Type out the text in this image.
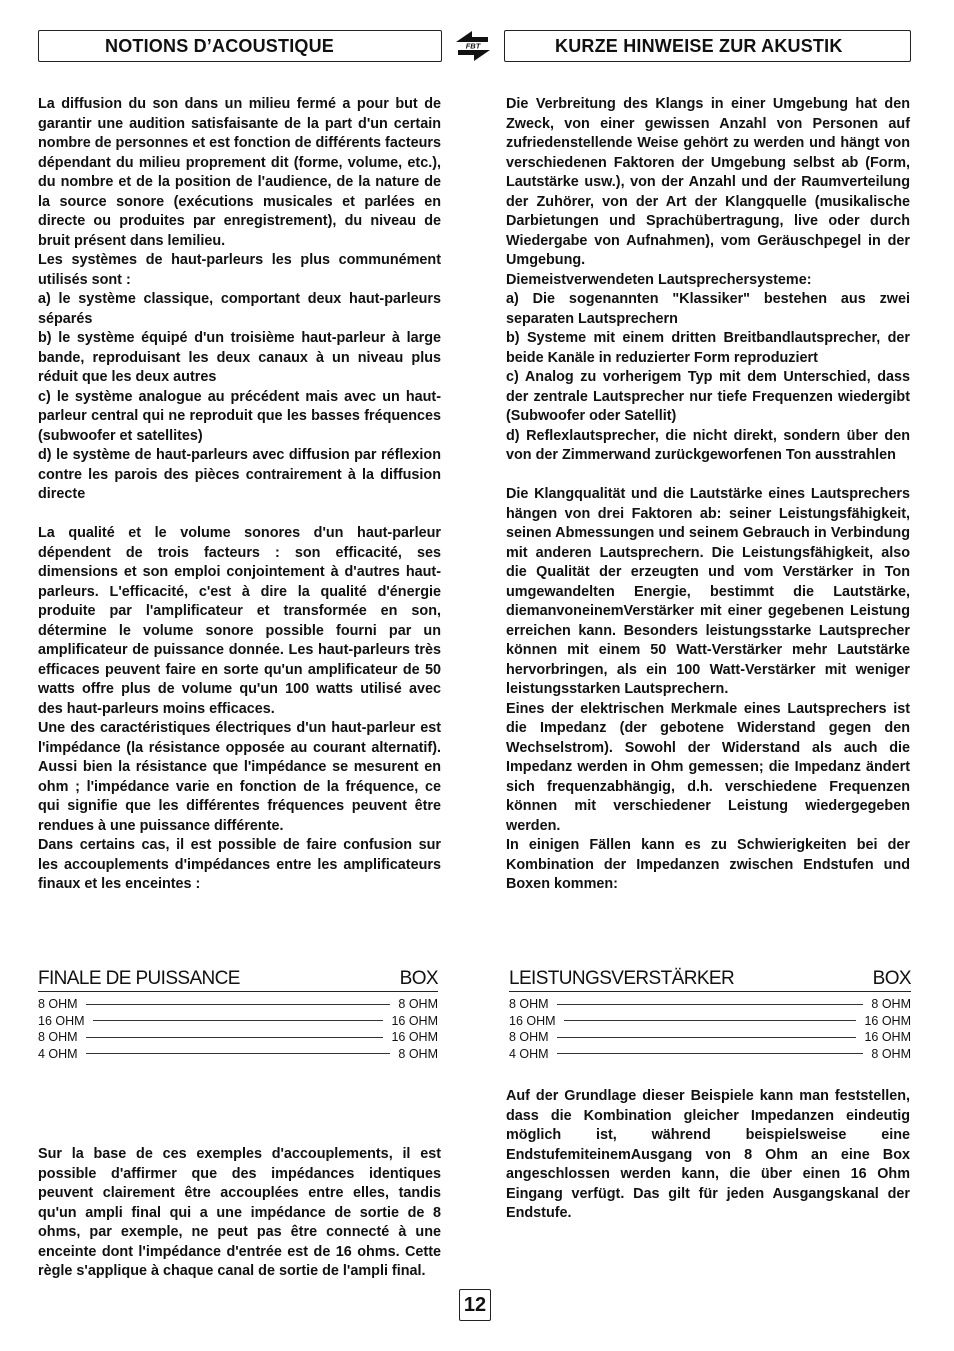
NOTIONS D’ACOUSTIQUE	FBT	KURZE HINWEISE ZUR AKUSTIK

La diffusion du son dans un milieu fermé a pour but de garantir une audition satisfaisante de la part d'un certain nombre de personnes et est fonction de différents facteurs dépendant du milieu proprement dit (forme, volume, etc.), du nombre et de la position de l'audience, de la nature de la source sonore (exécutions musicales et parlées en directe ou produites par enregistrement), du niveau de bruit présent dans lemilieu.

Les systèmes de haut-parleurs les plus communément utilisés sont :

a) le système classique, comportant deux haut-parleurs séparés

b) le système équipé d'un troisième haut-parleur à large bande, reproduisant les deux canaux à un niveau plus réduit que les deux autres

c) le système analogue au précédent mais avec un haut-parleur central qui ne reproduit que les basses fréquences (subwoofer et satellites)

d) le système de haut-parleurs avec diffusion par réflexion contre les parois des pièces contrairement à la diffusion directe

La qualité et le volume sonores d'un haut-parleur dépendent de trois facteurs : son efficacité, ses dimensions et son emploi conjointement à d'autres haut-parleurs. L'efficacité, c'est à dire la qualité d'énergie produite par l'amplificateur et transformée en son, détermine le volume sonore possible fourni par un amplificateur de puissance donnée. Les haut-parleurs très efficaces peuvent faire en sorte qu'un amplificateur de 50 watts offre plus de volume qu'un 100 watts utilisé avec des haut-parleurs moins efficaces.

Une des caractéristiques électriques d'un haut-parleur est l'impédance (la résistance opposée au courant alternatif). Aussi bien la résistance que l'impédance se mesurent en ohm ; l'impédance varie en fonction de la fréquence, ce qui signifie que les différentes fréquences peuvent être rendues à une puissance différente.

Dans certains cas, il est possible de faire confusion sur les accouplements d'impédances entre les amplificateurs finaux et les enceintes :

Die Verbreitung des Klangs in einer Umgebung hat den Zweck, von einer gewissen Anzahl von Personen auf zufriedenstellende Weise gehört zu werden und hängt von verschiedenen Faktoren der Umgebung selbst ab (Form, Lautstärke usw.), von der Anzahl und der Raumverteilung der Zuhörer, von der Art der Klangquelle (musikalische Darbietungen und Sprachübertragung, live oder durch Wiedergabe von Aufnahmen), vom Geräuschpegel in der Umgebung.

Diemeistverwendeten Lautsprechersysteme:

a) Die sogenannten "Klassiker" bestehen aus zwei separaten Lautsprechern

b) Systeme mit einem dritten Breitbandlautsprecher, der beide Kanäle in reduzierter Form reproduziert

c) Analog zu vorherigem Typ mit dem Unterschied, dass der zentrale Lautsprecher nur tiefe Frequenzen wiedergibt (Subwoofer oder Satellit)

d) Reflexlautsprecher, die nicht direkt, sondern über den von der Zimmerwand zurückgeworfenen Ton ausstrahlen

Die Klangqualität und die Lautstärke eines Lautsprechers hängen von drei Faktoren ab: seiner Leistungsfähigkeit, seinen Abmessungen und seinem Gebrauch in Verbindung mit anderen Lautsprechern. Die Leistungsfähigkeit, also die Qualität der erzeugten und vom Verstärker in Ton umgewandelten Energie, bestimmt die Lautstärke, diemanvoneinemVerstärker mit einer gegebenen Leistung erreichen kann. Besonders leistungsstarke Lautsprecher können mit einem 50 Watt-Verstärker mehr Lautstärke hervorbringen, als ein 100 Watt-Verstärker mit weniger leistungsstarken Lautsprechern.

Eines der elektrischen Merkmale eines Lautsprechers ist die Impedanz (der gebotene Widerstand gegen den Wechselstrom). Sowohl der Widerstand als auch die Impedanz werden in Ohm gemessen; die Impedanz ändert sich frequenzabhängig, d.h. verschiedene Frequenzen können mit verschiedener Leistung wiedergegeben werden.

In einigen Fällen kann es zu Schwierigkeiten bei der Kombination der Impedanzen zwischen Endstufen und Boxen kommen:

FINALE DE PUISSANCE	BOX
8 OHM	8 OHM
16 OHM	16 OHM
8 OHM	16 OHM
4 OHM	8 OHM
LEISTUNGSVERSTÄRKER	BOX
8 OHM	8 OHM
16 OHM	16 OHM
8 OHM	16 OHM
4 OHM	8 OHM

Sur la base de ces exemples d'accouplements, il est possible d'affirmer que des impédances identiques peuvent clairement être accouplées entre elles, tandis qu'un ampli final qui a une impédance de sortie de 8 ohms, par exemple, ne peut pas être connecté à une enceinte dont l'impédance d'entrée est de 16 ohms. Cette règle s'applique à chaque canal de sortie de l'ampli final.

Auf der Grundlage dieser Beispiele kann man feststellen, dass die Kombination gleicher Impedanzen eindeutig möglich ist, während beispielsweise eine EndstufemiteinemAusgang von 8 Ohm an eine Box angeschlossen werden kann, die über einen 16 Ohm Eingang verfügt. Das gilt für jeden Ausgangskanal der Endstufe.

12
